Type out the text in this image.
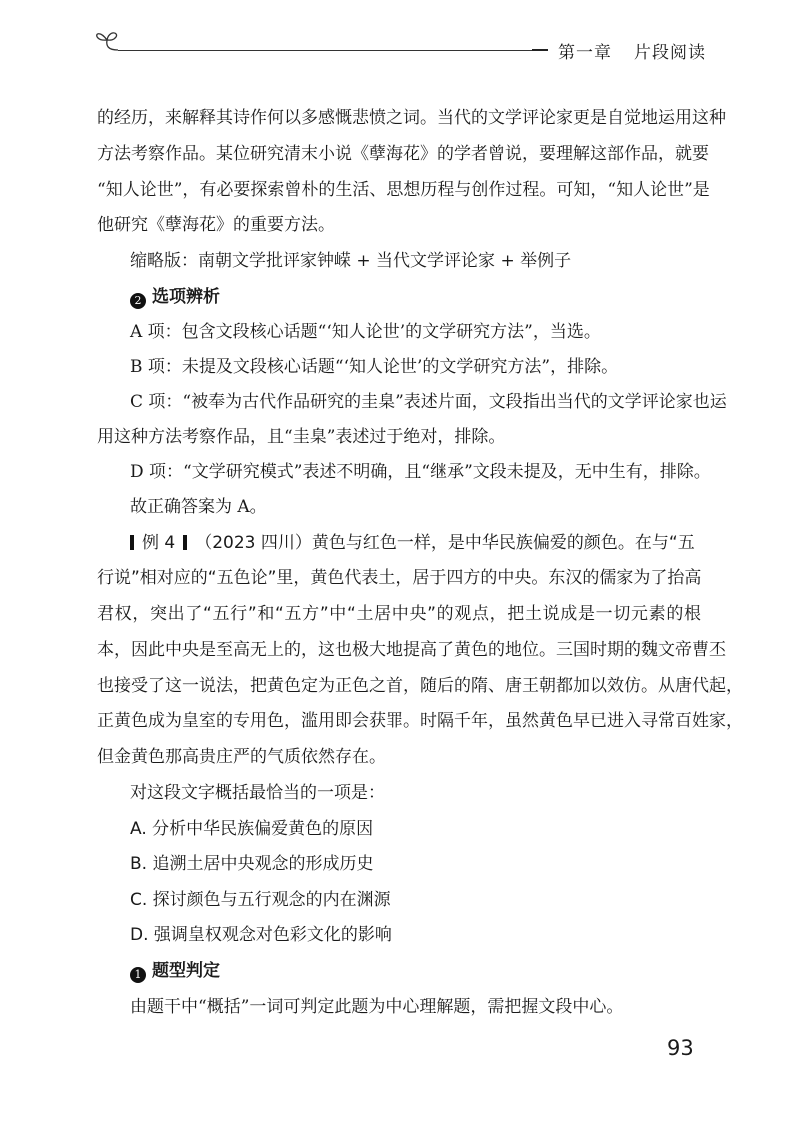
第一章 片段阅读
的经历，来解释其诗作何以多感慨悲愤之词。当代的文学评论家更是自觉地运用这种
方法考察作品。某位研究清末小说《孽海花》的学者曾说，要理解这部作品，就要
“知人论世”，有必要探索曾朴的生活、思想历程与创作过程。可知，“知人论世”是
他研究《孽海花》的重要方法。
缩略版：南朝文学批评家钟嵘 + 当代文学评论家 + 举例子
2 选项辨析
A 项：包含文段核心话题“‘知人论世’的文学研究方法”，当选。
B 项：未提及文段核心话题“‘知人论世’的文学研究方法”，排除。
C 项：“被奉为古代作品研究的圭臬”表述片面，文段指出当代的文学评论家也运
用这种方法考察作品，且“圭臬”表述过于绝对，排除。
D 项：“文学研究模式”表述不明确，且“继承”文段未提及，无中生有，排除。
故正确答案为 A。
例 4 （2023 四川）黄色与红色一样，是中华民族偏爱的颜色。在与“五
行说”相对应的“五色论”里，黄色代表土，居于四方的中央。东汉的儒家为了抬高
君权，突出了“五行”和“五方”中“土居中央”的观点，把土说成是一切元素的根
本，因此中央是至高无上的，这也极大地提高了黄色的地位。三国时期的魏文帝曹丕
也接受了这一说法，把黄色定为正色之首，随后的隋、唐王朝都加以效仿。从唐代起，
正黄色成为皇室的专用色，滥用即会获罪。时隔千年，虽然黄色早已进入寻常百姓家，
但金黄色那高贵庄严的气质依然存在。
对这段文字概括最恰当的一项是：
A. 分析中华民族偏爱黄色的原因
B. 追溯土居中央观念的形成历史
C. 探讨颜色与五行观念的内在渊源
D. 强调皇权观念对色彩文化的影响
1 题型判定
由题干中“概括”一词可判定此题为中心理解题，需把握文段中心。
93
